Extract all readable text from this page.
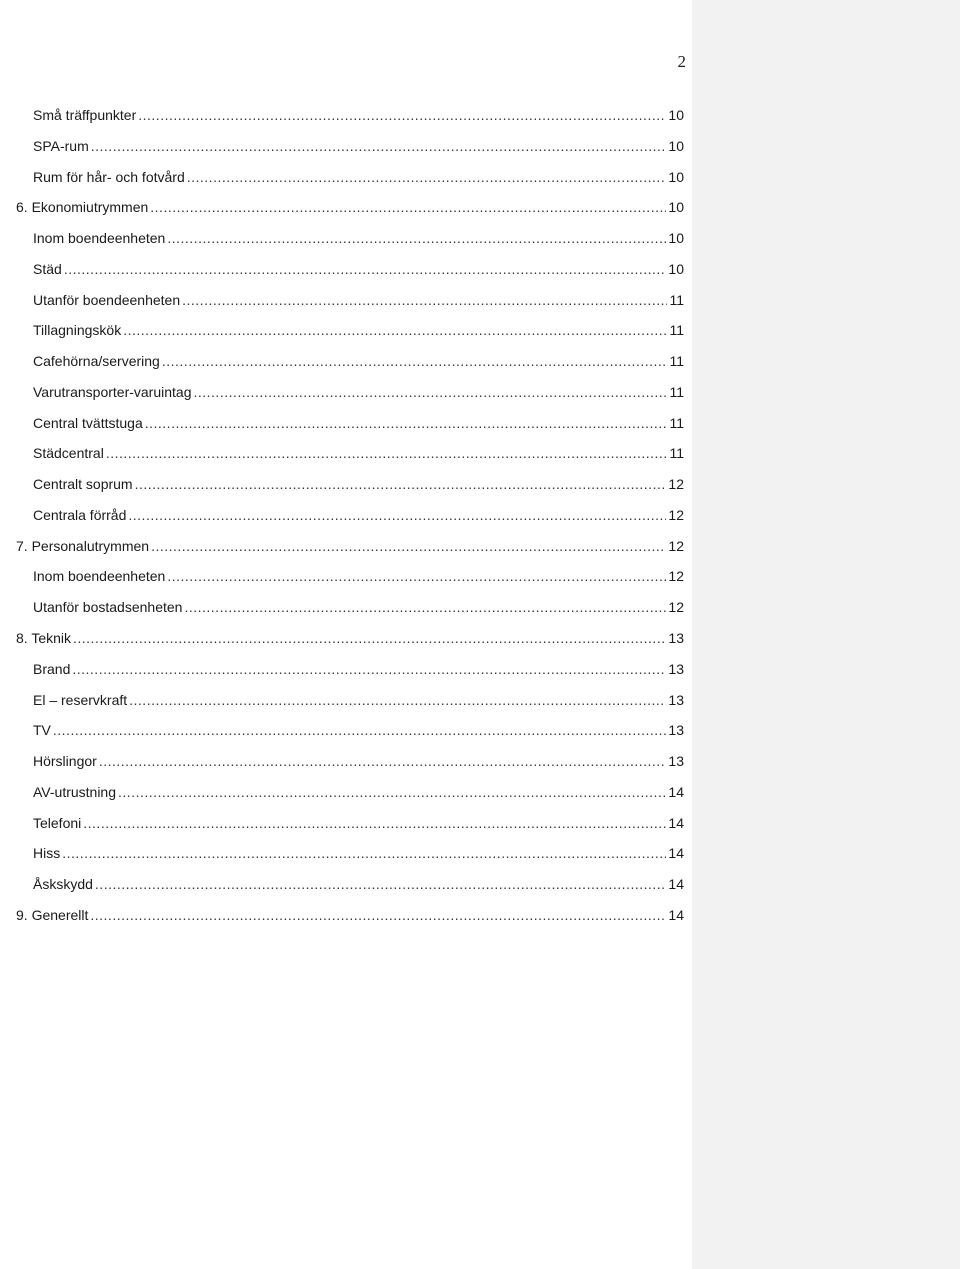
2
Små träffpunkter .....	10
SPA-rum .....	10
Rum för hår- och fotvård .....	10
6. Ekonomiutrymmen .....	10
Inom boendeenheten .....	10
Städ .....	10
Utanför boendeenheten .....	11
Tillagningskök .....	11
Cafehörna/servering .....	11
Varutransporter-varuintag .....	11
Central tvättstuga .....	11
Städcentral .....	11
Centralt soprum .....	12
Centrala förråd .....	12
7. Personalutrymmen .....	12
Inom boendeenheten .....	12
Utanför bostadsenheten .....	12
8. Teknik .....	13
Brand .....	13
El – reservkraft .....	13
TV .....	13
Hörslingor .....	13
AV-utrustning .....	14
Telefoni .....	14
Hiss .....	14
Åskskydd .....	14
9. Generellt .....	14
